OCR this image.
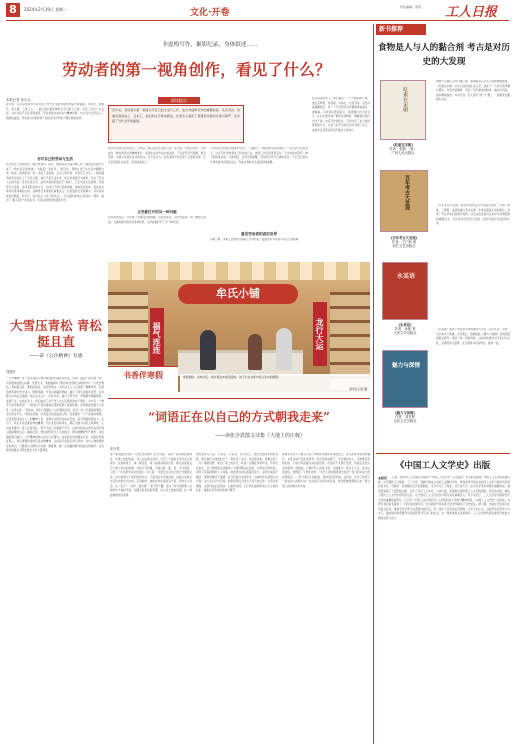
8	2024年2月19日 星期一	文化·开卷
责任编辑：郑毅 工人日报
非虚构写作，掘影纪录，身体叙述……
劳动者的第一视角创作，看见了什么？
本报记者 张小兵	阅读提示
近年来，劳动者以第一视角书写自己的生活与工作，成为非虚构写作的重要收获。从外卖员、快递员到家政工、叉车工，他们的文字真实鲜活，让更多人看见了普通劳动者的日常与尊严，也丰富了当代文学的面貌。
近年来，以劳动者身份书写自身工作与生活的非虚构作品不断涌现，外卖员、快递员、育儿嫂、工地工人……他们用朴素真挚的文字记录下日常，引发了社会广泛关注。这些作品不仅让读者看见了劳动者的生存状态与精神世界，也为当代文学注入了新鲜的血液。劳动者为何拿起笔？他们的写作带来了哪些新的东西？
书写自己的劳动与生活
在北京打工的胡安焉，做过快递员、保安、便利店店员等多种工作，他把这些经历写成了《我在北京送快递》，出版后广受好评。“我写作，是想让自己从生活中解脱出来。”他说。和胡安焉一样，家政工范雨素、叉车工陈年喜、外卖员王计兵……越来越多的劳动者走上了写作之路。他们不是专业作家，却以亲身经历为素材，写出了打动人心的作品。有评论者认为，这些作品的价值在于“真实”，它们来自生活现场，带着汗水与温度。劳动者的自我书写，让他们不再只是被观看、被讲述的对象，而是成为讲述自身故事的主体。这种转变本身就有重要意义。在传统的文学叙事中，劳动者常常是沉默的，而今天，他们发出了自己的声音。一些出版机构也注意到这一现象，推出了“素人写作”系列丛书，为劳动者的创作提供平台。
很多劳动者写作者表示，写作给了他们面对生活的力量。在日复一日的劳作中，写作成为一种自我表达和精神寄托。读者在这些作品中看到的，不仅是辛劳与困顿，更有坚韧、乐观与对美好生活的向往。有专家认为，劳动者的写作拓展了文学的边界，让文学回到生活本身，回到具体的人。
文学被打开的另一种可能
对劳动者而言，写作是一条通往自我的路。对读者而言，这些作品是一扇了解他人的窗。当越来越多的劳动者拿起笔，文学就被打开了另一种可能。
“劳动者写作最可贵的地方在于，它提供了一种来自内部的视角。”一位文学评论家表示，这些写作者熟悉自己所在的行业，熟悉工友们的喜怒哀乐，写出来的东西有一种天然的真实感。与此同时，也有学者提醒，劳动者写作不应被标签化，不应仅仅因为作者的身份而受到关注，作品本身的文学品质同样重要。
看见劳动者的真实世界
另据了解，多地工会组织开展职工写作培训，鼓励更多劳动者书写自己的故事。
在劳动者的笔下，我们看到了一个个鲜活的个体，他们有梦想、有困惑、有挣扎，也有坚持。这些作品提醒我们，每一个平凡的劳动者都值得被看见、被尊重。写作者们普遍表示，希望通过自己的文字，让社会更多地了解劳动者群体，理解他们的付出与不易。也有写作者坦言，写作改变了自己看待世界的方式，让自己在平凡的生活中发现了意义。这或许正是劳动者写作最动人的地方。
牟氏小铺
福气连连	龙行大运
书香伴寒假	寒假期间，各地书店、图书馆迎来阅读高峰，孩子们在书香中度过充实的假期。
新华社记者 摄
大雪压青松 青松挺且直
——读《公仆精神》有感
刘建民
《公仆精神》是一部以真实人物为原型的长篇纪实作品，讲述了基层干部扎根一线、为民服务的感人故事。读罢全书，我的脑海中不断浮现出陈毅元帅的诗句：“大雪压青松，青松挺且直。要知松高洁，待到雪化时。”书中的主人公正如那一棵棵青松，在艰苦的环境中坚守初心，默默奉献。作者以细腻的笔触，描写了他们在脱贫攻坚、乡村振兴中的点点滴滴。他们走村入户，访贫问苦；他们不辞辛劳，带领群众修路架桥、发展产业。在他们身上，我们看到了共产党人为人民服务的赤子情怀。书中有一个细节令我印象深刻：一位驻村干部在暴雨夜里挨家挨户排查险情，浑身湿透却顾不上休息。村民们说：“有他在，我们心里踏实。”这朴素的话语，是对一名公仆最高的褒奖。全书语言平实，却饱含深情。作者没有刻意拔高人物，而是通过一个个具体的事例，让读者感受到主人公的精神力量。这种写法使作品真实可信，具有很强的感染力。在当下，我们尤其需要这样的精神。无论身处何种岗位，都应当像书中的人物那样，心中装着群众，肩上扛着责任，把平凡的工作做得不平凡。这或许就是这部作品带给我们最重要的启示。掩卷沉思，青松的形象久久不能散去。愿这种精神代代相传，永远激励我们前行。公仆精神的核心是为人民服务，这是我们党的根本宗旨。在新时代新征程上，我们更要传承和弘扬这种精神，以实际行动践行初心使命。书中人物的事迹告诉我们，只要真心为群众办实事、解难事，就一定能赢得群众的信任和拥护。这也是党的事业不断发展壮大的力量源泉。
“词语正在以自己的方式朝我走来”
——读张少恩散文诗集《大地上的庄稼》
张少恩
张少恩的散文诗集《大地上的庄稼》近日出版。这是一部深情回望故乡、礼赞土地的作品。诗人以庄稼为意象，写尽了大地的丰饶与农人的艰辛。在他的笔下，每一株麦苗、每一粒稻谷都有生命，都在诉说着关于土地与劳动的故事。诗集分为四辑，分别以春、夏、秋、冬为线索，记录了一年四季中乡村的变化。诗人说：“词语正在以自己的方式朝我走来。”这句话道出了他的创作状态：不是刻意去寻找词语，而是让词语从生活中自然生长出来。正因如此，他的诗句朴素而有力量，读来令人动容。在《麦子》一诗中，他写道：“麦子弯下腰，是为了向大地致敬。”这样的句子看似平常，却蕴含着深刻的哲理。诗人对土地的感情，是一种血脉相连的深情。
他在诗中写父亲、写母亲、写乡邻，也写自己。那些在田间劳作的身影，那些被汗水浸透的日子，都化作了诗行。读这部诗集，仿佛走进了一片广阔的田野，闻到了泥土的芬芳，听到了庄稼拔节的声音。有评论家指出，张少恩的散文诗继承了中国诗歌关注现实、关怀民生的传统，同时又有着鲜明的个人风格。他的语言质朴而富有张力，意象丰富而不晦涩，情感真挚而不滥情。在当代散文诗创作中，这样的作品显得尤为可贵。诗人在后记中写道，他希望用自己的文字为大地立传，为劳动者歌唱。这部诗集正是他这一心愿的实现。它让我们重新审视人与土地的关系，重新认识劳动的价值与尊严。
诗集中还有不少篇章写到了城市化进程中乡村的变迁。诗人既有对故乡的眷恋，也有对时代变化的思考。他写离乡的游子，写空巢的老人，写渐渐荒芜的田地，字里行间流露出淡淡的忧伤。但他并不沉溺于感伤，而是在变化中寻找希望。他相信，只要还有人热爱土地，庄稼就会一直生长下去。读完这部诗集，我想起了艾青的诗句：“为什么我的眼里常含泪水？因为我对这土地爱得深沉……”张少恩对土地的爱，同样深沉而炽热。这份爱，化作了他笔下一首首动人的散文诗，也必将打动更多的读者。愿词语继续朝他走来，愿大地上的庄稼永远丰收。
新书推荐
食物是人与人的黏合剂 考古是对历史的大发现
吃素在宋朝
《吃素在宋朝》
作者：张静 （著）
广西人民出版社
百年考古大发现
《百年考古大发现》
作者：王仁湘 著
浙江文艺出版社
永某语
《永某语》
作者：孙郁 著
人民文学出版社
魅力与深情
《魅力与深情》
作者：刘亮程
百花文艺出版社
食物不仅满足人的口腹之欲，更承载着人与人之间的情感联结。《吃素在宋朝》从宋人的饮食生活入手，讲述了一个时代的风雅与烟火。作者引经据典，考证了宋代素食的种类、做法与风俗，读来趣味盎然。书中写到，宋人讲究“清”与“雅”，一道素菜也要做出诗意。
《百年考古大发现》则以中国考古百年历程为线索，介绍了殷墟、三星堆、良渚等重大考古发现。作者以通俗生动的语言，讲述了考古学家们的艰辛探索，以及这些发现对认识中华文明起源的重要意义。考古是对历史的大发现，也是对我们自身的再认识。
《永某语》收录了作者近年来的随笔与书评，涉及文学、历史、艺术等多个领域，文字隽永，见解独到。《魅力与深情》是刘亮程的散文新作，延续了他一贯的风格，以质朴的语言书写乡村与自然，充满哲思与温情。这几部新书各具特色，值得一读。
《中国工人文学史》出版
本报讯	日前，由中国工人出版社出版的《中国工人文学史》正式面世。该书系统梳理了中国工人文学的发展历程，从早期的工人歌谣、工厂文学，到新中国成立后的工业题材创作，再到改革开放以来的打工文学与新时代的劳动者书写，勾勒出一条清晰的文学发展脉络。全书分为上下两卷，共百余万字，由多位学者历时数年编撰完成。编写组查阅了大量原始文献，走访了众多工人作家，力求全面、客观地呈现中国工人文学的面貌。该书的出版，填补了国内工人文学史研究的空白，对于推动工人文学创作与研究具有重要意义。有专家表示，工人文学是中国现当代文学的重要组成部分，它记录了中国工业化进程中工人阶级的奋斗历程与精神风貌。《中国工人文学史》的出版，为研究者和读者提供了一部系统的参考书，也为新时代劳动者文学创作提供了历史借鉴。据了解，出版社还将举办系列读书活动，邀请专家学者与读者面对面交流，进一步扩大该书的社会影响。与会专家认为，当前劳动者写作方兴未艾，越来越多的普通劳动者拿起笔书写自己的生活，这一现象值得关注和研究。工人文学的传统在新时代焕发出新的生机与活力。
